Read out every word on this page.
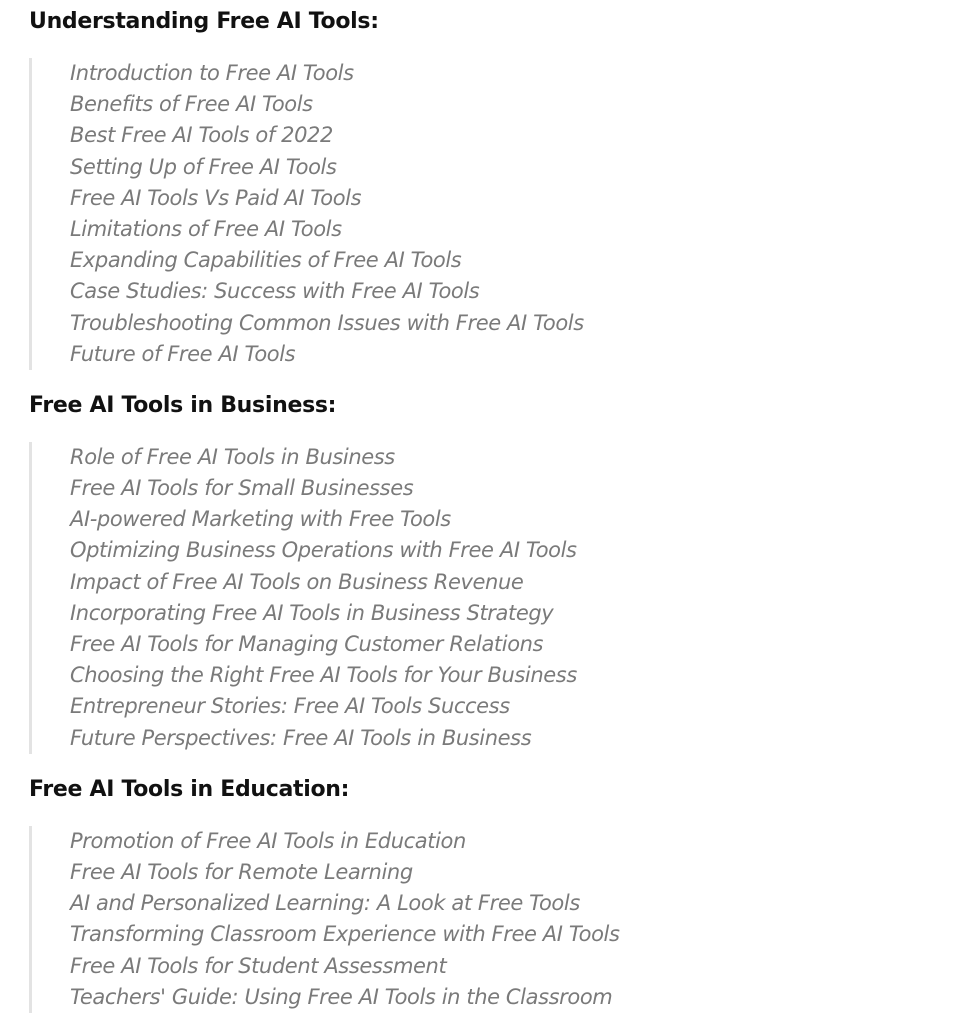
Understanding Free AI Tools:
Introduction to Free AI Tools
Benefits of Free AI Tools
Best Free AI Tools of 2022
Setting Up of Free AI Tools
Free AI Tools Vs Paid AI Tools
Limitations of Free AI Tools
Expanding Capabilities of Free AI Tools
Case Studies: Success with Free AI Tools
Troubleshooting Common Issues with Free AI Tools
Future of Free AI Tools
Free AI Tools in Business:
Role of Free AI Tools in Business
Free AI Tools for Small Businesses
AI-powered Marketing with Free Tools
Optimizing Business Operations with Free AI Tools
Impact of Free AI Tools on Business Revenue
Incorporating Free AI Tools in Business Strategy
Free AI Tools for Managing Customer Relations
Choosing the Right Free AI Tools for Your Business
Entrepreneur Stories: Free AI Tools Success
Future Perspectives: Free AI Tools in Business
Free AI Tools in Education:
Promotion of Free AI Tools in Education
Free AI Tools for Remote Learning
AI and Personalized Learning: A Look at Free Tools
Transforming Classroom Experience with Free AI Tools
Free AI Tools for Student Assessment
Teachers' Guide: Using Free AI Tools in the Classroom
